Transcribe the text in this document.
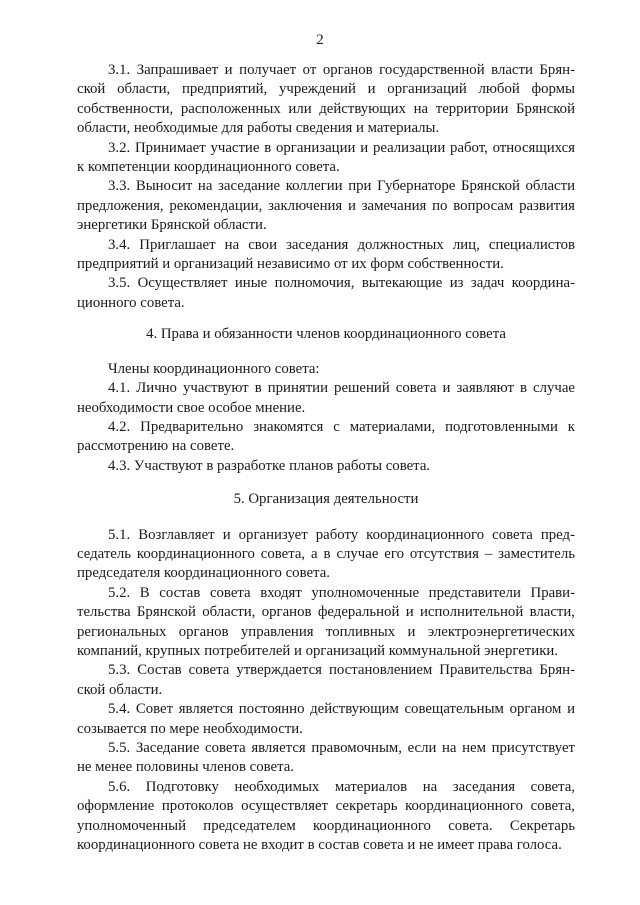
2

3.1. Запрашивает и получает от органов государственной власти Брянской области, предприятий, учреждений и организаций любой формы собственности, расположенных или действующих на территории Брянской области, необходимые для работы сведения и материалы.

3.2. Принимает участие в организации и реализации работ, относящихся к компетенции координационного совета.

3.3. Выносит на заседание коллегии при Губернаторе Брянской области предложения, рекомендации, заключения и замечания по вопросам развития энергетики Брянской области.

3.4. Приглашает на свои заседания должностных лиц, специалистов предприятий и организаций независимо от их форм собственности.

3.5. Осуществляет иные полномочия, вытекающие из задач координационного совета.

4. Права и обязанности членов координационного совета

Члены координационного совета:

4.1. Лично участвуют в принятии решений совета и заявляют в случае необходимости свое особое мнение.

4.2. Предварительно знакомятся с материалами, подготовленными к рассмотрению на совете.

4.3. Участвуют в разработке планов работы совета.

5. Организация деятельности

5.1. Возглавляет и организует работу координационного совета председатель координационного совета, а в случае его отсутствия – заместитель председателя координационного совета.

5.2. В состав совета входят уполномоченные представители Правительства Брянской области, органов федеральной и исполнительной власти, региональных органов управления топливных и электроэнергетических компаний, крупных потребителей и организаций коммунальной энергетики.

5.3. Состав совета утверждается постановлением Правительства Брянской области.

5.4. Совет является постоянно действующим совещательным органом и созывается по мере необходимости.

5.5. Заседание совета является правомочным, если на нем присутствует не менее половины членов совета.

5.6. Подготовку необходимых материалов на заседания совета, оформление протоколов осуществляет секретарь координационного совета, уполномоченный председателем координационного совета. Секретарь координационного совета не входит в состав совета и не имеет права голоса.
